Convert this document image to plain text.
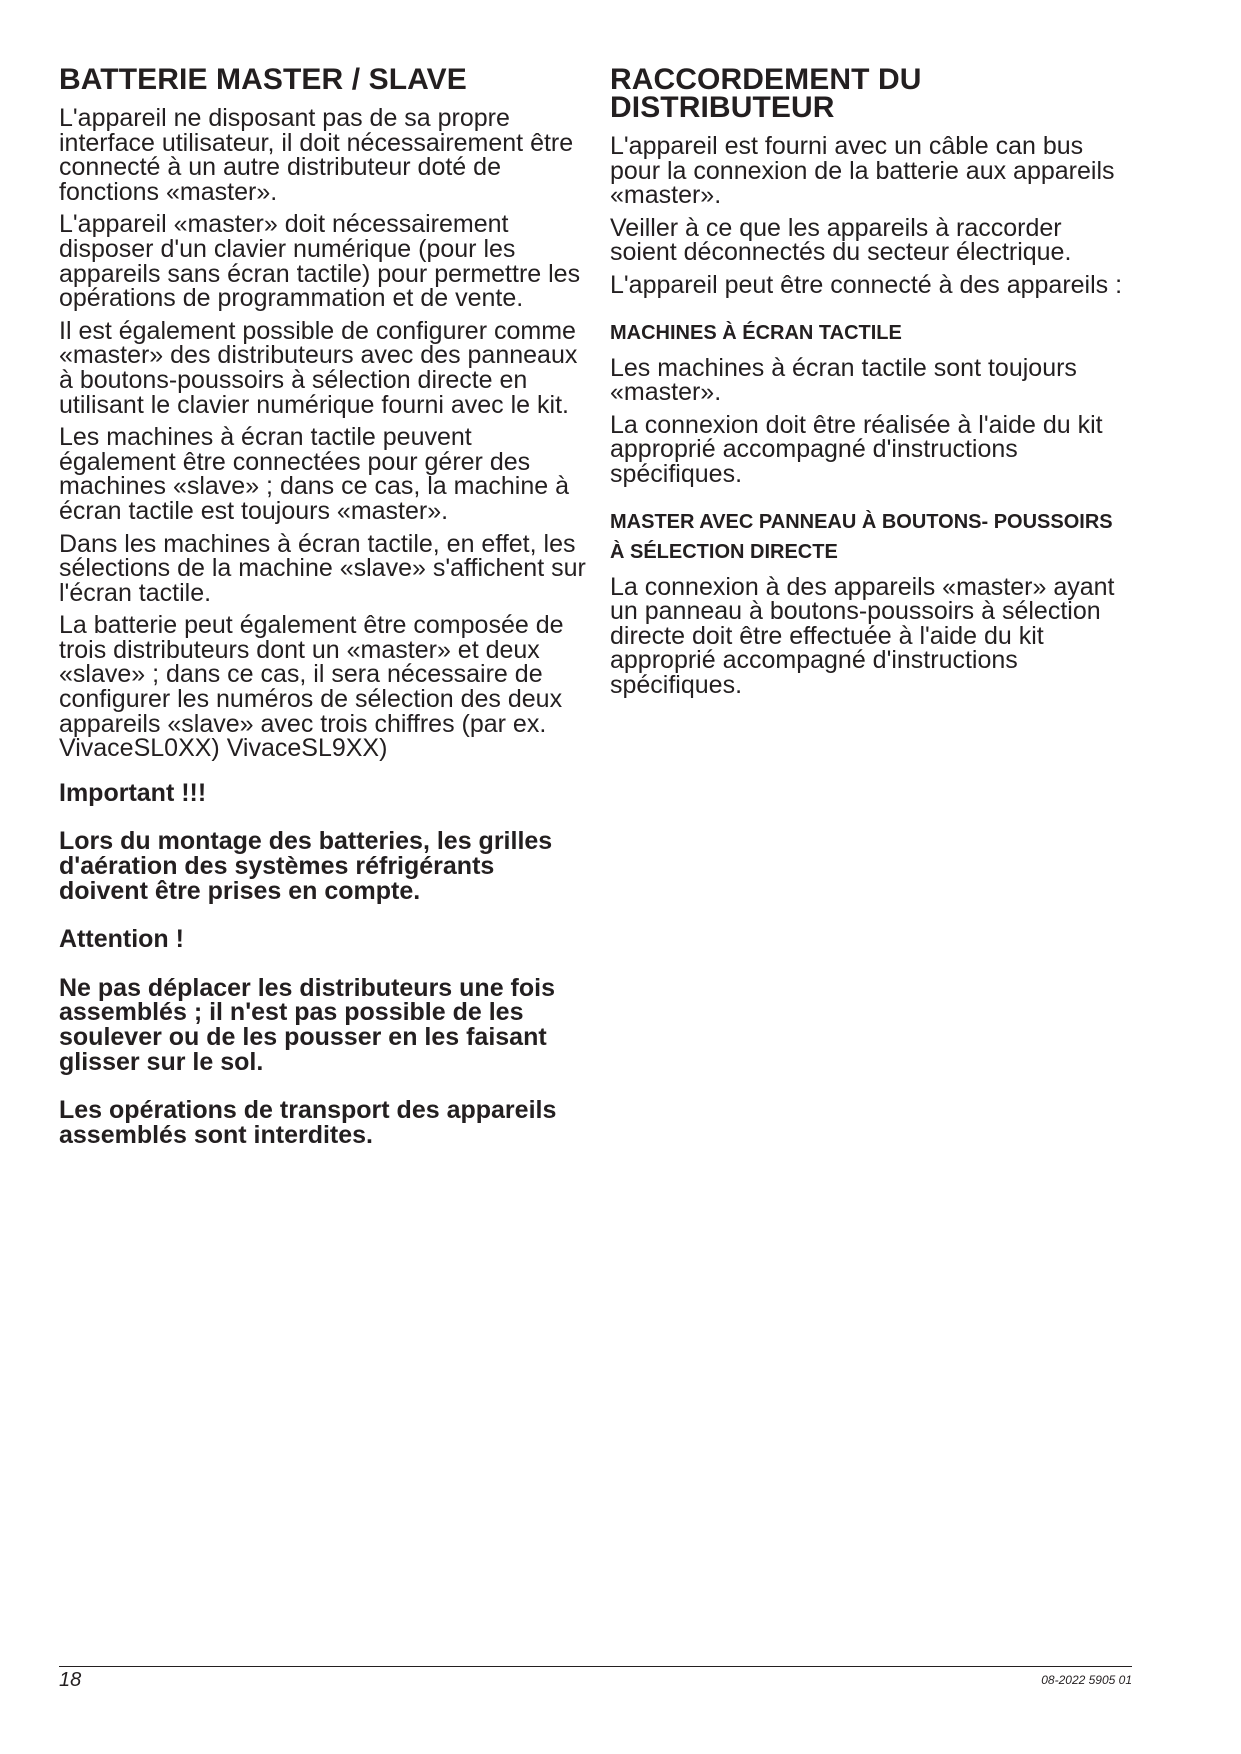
BATTERIE MASTER / SLAVE

L'appareil ne disposant pas de sa propre interface utilisateur, il doit nécessairement être connecté à un autre distributeur doté de fonctions «master».

L'appareil «master» doit nécessairement disposer d'un clavier numérique (pour les appareils sans écran tactile) pour permettre les opérations de programmation et de vente.

Il est également possible de configurer comme «master» des distributeurs avec des panneaux à boutons-poussoirs à sélection directe en utilisant le clavier numérique fourni avec le kit.

Les machines à écran tactile peuvent également être connectées pour gérer des machines «slave» ; dans ce cas, la machine à écran tactile est toujours «master».

Dans les machines à écran tactile, en effet, les sélections de la machine «slave» s'affichent sur l'écran tactile.

La batterie peut également être composée de trois distributeurs dont un «master» et deux «slave» ; dans ce cas, il sera nécessaire de configurer les numéros de sélection des deux appareils «slave» avec trois chiffres (par ex. VivaceSL0XX) VivaceSL9XX)

Important !!!

Lors du montage des batteries, les grilles d'aération des systèmes réfrigérants doivent être prises en compte.

Attention !

Ne pas déplacer les distributeurs une fois assemblés ; il n'est pas possible de les soulever ou de les pousser en les faisant glisser sur le sol.

Les opérations de transport des appareils assemblés sont interdites.

RACCORDEMENT DU DISTRIBUTEUR

L'appareil est fourni avec un câble can bus pour la connexion de la batterie aux appareils «master».

Veiller à ce que les appareils à raccorder soient déconnectés du secteur électrique.

L'appareil peut être connecté à des appareils :

MACHINES À ÉCRAN TACTILE

Les machines à écran tactile sont toujours «master».

La connexion doit être réalisée à l'aide du kit approprié accompagné d'instructions spécifiques.

MASTER AVEC PANNEAU À BOUTONS- POUSSOIRS À SÉLECTION DIRECTE

La connexion à des appareils «master» ayant un panneau à boutons-poussoirs à sélection directe doit être effectuée à l'aide du kit approprié accompagné d'instructions spécifiques.

18	08-2022 5905 01
